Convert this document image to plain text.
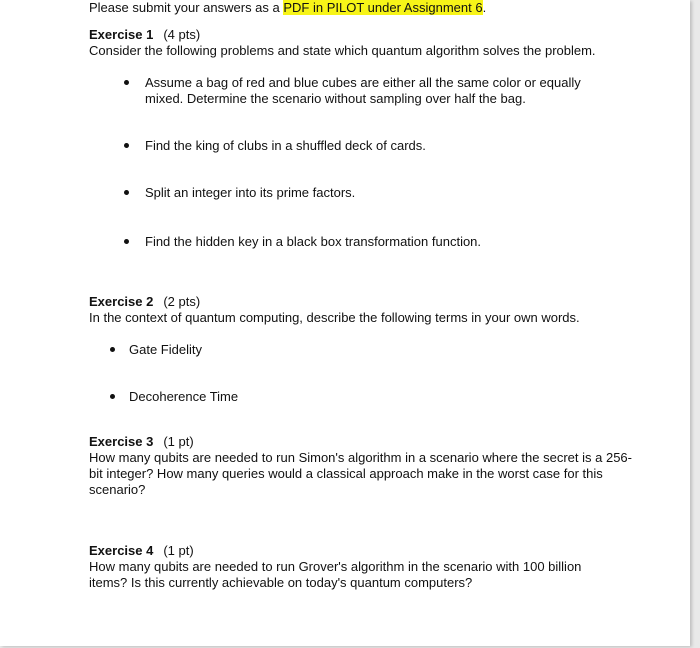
Please submit your answers as a PDF in PILOT under Assignment 6.
Exercise 1 (4 pts)
Consider the following problems and state which quantum algorithm solves the problem.
Assume a bag of red and blue cubes are either all the same color or equally mixed. Determine the scenario without sampling over half the bag.
Find the king of clubs in a shuffled deck of cards.
Split an integer into its prime factors.
Find the hidden key in a black box transformation function.
Exercise 2 (2 pts)
In the context of quantum computing, describe the following terms in your own words.
Gate Fidelity
Decoherence Time
Exercise 3 (1 pt)
How many qubits are needed to run Simon's algorithm in a scenario where the secret is a 256-bit integer? How many queries would a classical approach make in the worst case for this scenario?
Exercise 4 (1 pt)
How many qubits are needed to run Grover's algorithm in the scenario with 100 billion items? Is this currently achievable on today's quantum computers?
